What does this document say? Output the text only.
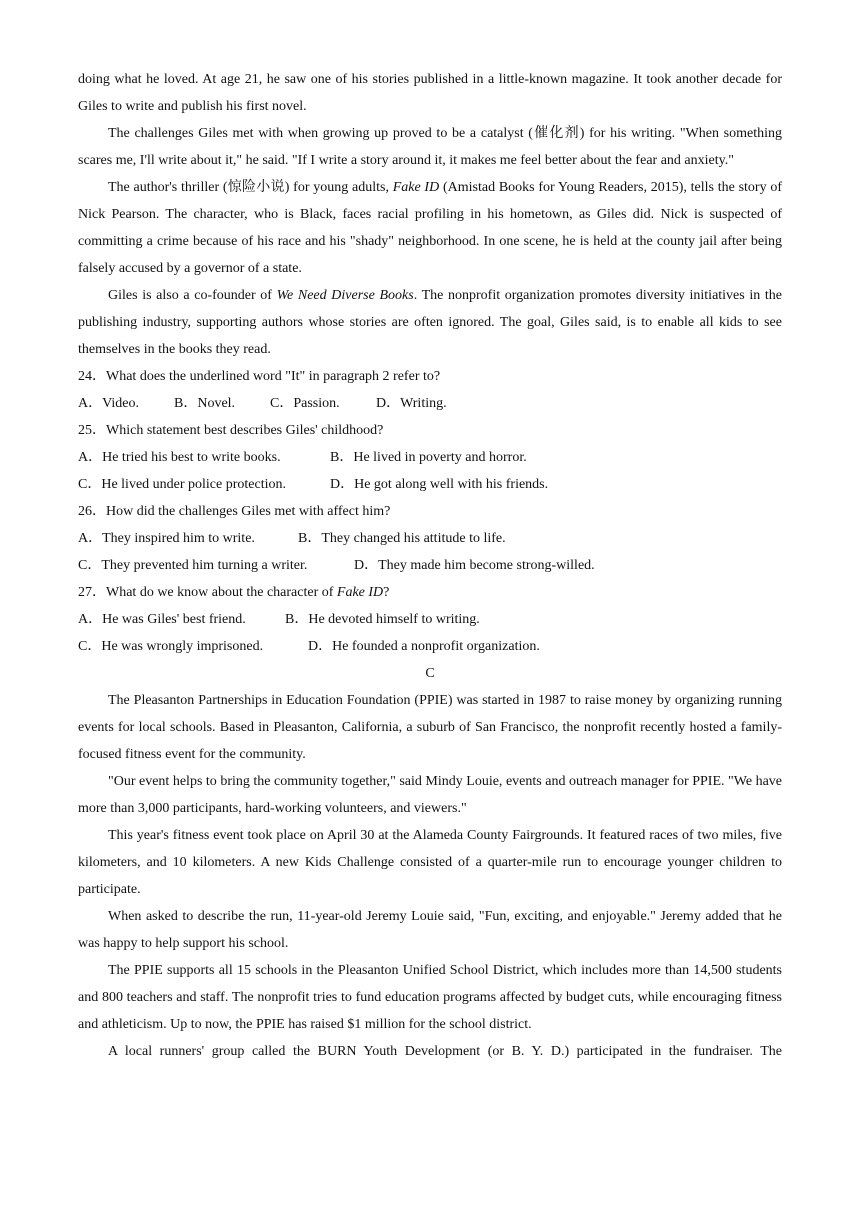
doing what he loved. At age 21, he saw one of his stories published in a little-known magazine. It took another decade for Giles to write and publish his first novel.

The challenges Giles met with when growing up proved to be a catalyst (催化剂) for his writing. "When something scares me, I'll write about it," he said. "If I write a story around it, it makes me feel better about the fear and anxiety."

The author's thriller (惊险小说) for young adults, Fake ID (Amistad Books for Young Readers, 2015), tells the story of Nick Pearson. The character, who is Black, faces racial profiling in his hometown, as Giles did. Nick is suspected of committing a crime because of his race and his "shady" neighborhood. In one scene, he is held at the county jail after being falsely accused by a governor of a state.

Giles is also a co-founder of We Need Diverse Books. The nonprofit organization promotes diversity initiatives in the publishing industry, supporting authors whose stories are often ignored. The goal, Giles said, is to enable all kids to see themselves in the books they read.

24．What does the underlined word "It" in paragraph 2 refer to?

A．Video.	B．Novel. C．Passion.	D．Writing.

25．Which statement best describes Giles' childhood?

A．He tried his best to write books.	B．He lived in poverty and horror.

C．He lived under police protection.	D．He got along well with his friends.

26．How did the challenges Giles met with affect him?

A．They inspired him to write.	B．They changed his attitude to life.

C．They prevented him turning a writer.	D．They made him become strong-willed.

27．What do we know about the character of Fake ID?

A．He was Giles' best friend.	B．He devoted himself to writing.

C．He was wrongly imprisoned.	D．He founded a nonprofit organization.

C

The Pleasanton Partnerships in Education Foundation (PPIE) was started in 1987 to raise money by organizing running events for local schools. Based in Pleasanton, California, a suburb of San Francisco, the nonprofit recently hosted a family-focused fitness event for the community.

"Our event helps to bring the community together," said Mindy Louie, events and outreach manager for PPIE. "We have more than 3,000 participants, hard-working volunteers, and viewers."

This year's fitness event took place on April 30 at the Alameda County Fairgrounds. It featured races of two miles, five kilometers, and 10 kilometers. A new Kids Challenge consisted of a quarter-mile run to encourage younger children to participate.

When asked to describe the run, 11-year-old Jeremy Louie said, "Fun, exciting, and enjoyable." Jeremy added that he was happy to help support his school.

The PPIE supports all 15 schools in the Pleasanton Unified School District, which includes more than 14,500 students and 800 teachers and staff. The nonprofit tries to fund education programs affected by budget cuts, while encouraging fitness and athleticism. Up to now, the PPIE has raised $1 million for the school district.

A local runners' group called the BURN Youth Development (or B. Y. D.) participated in the fundraiser. The
